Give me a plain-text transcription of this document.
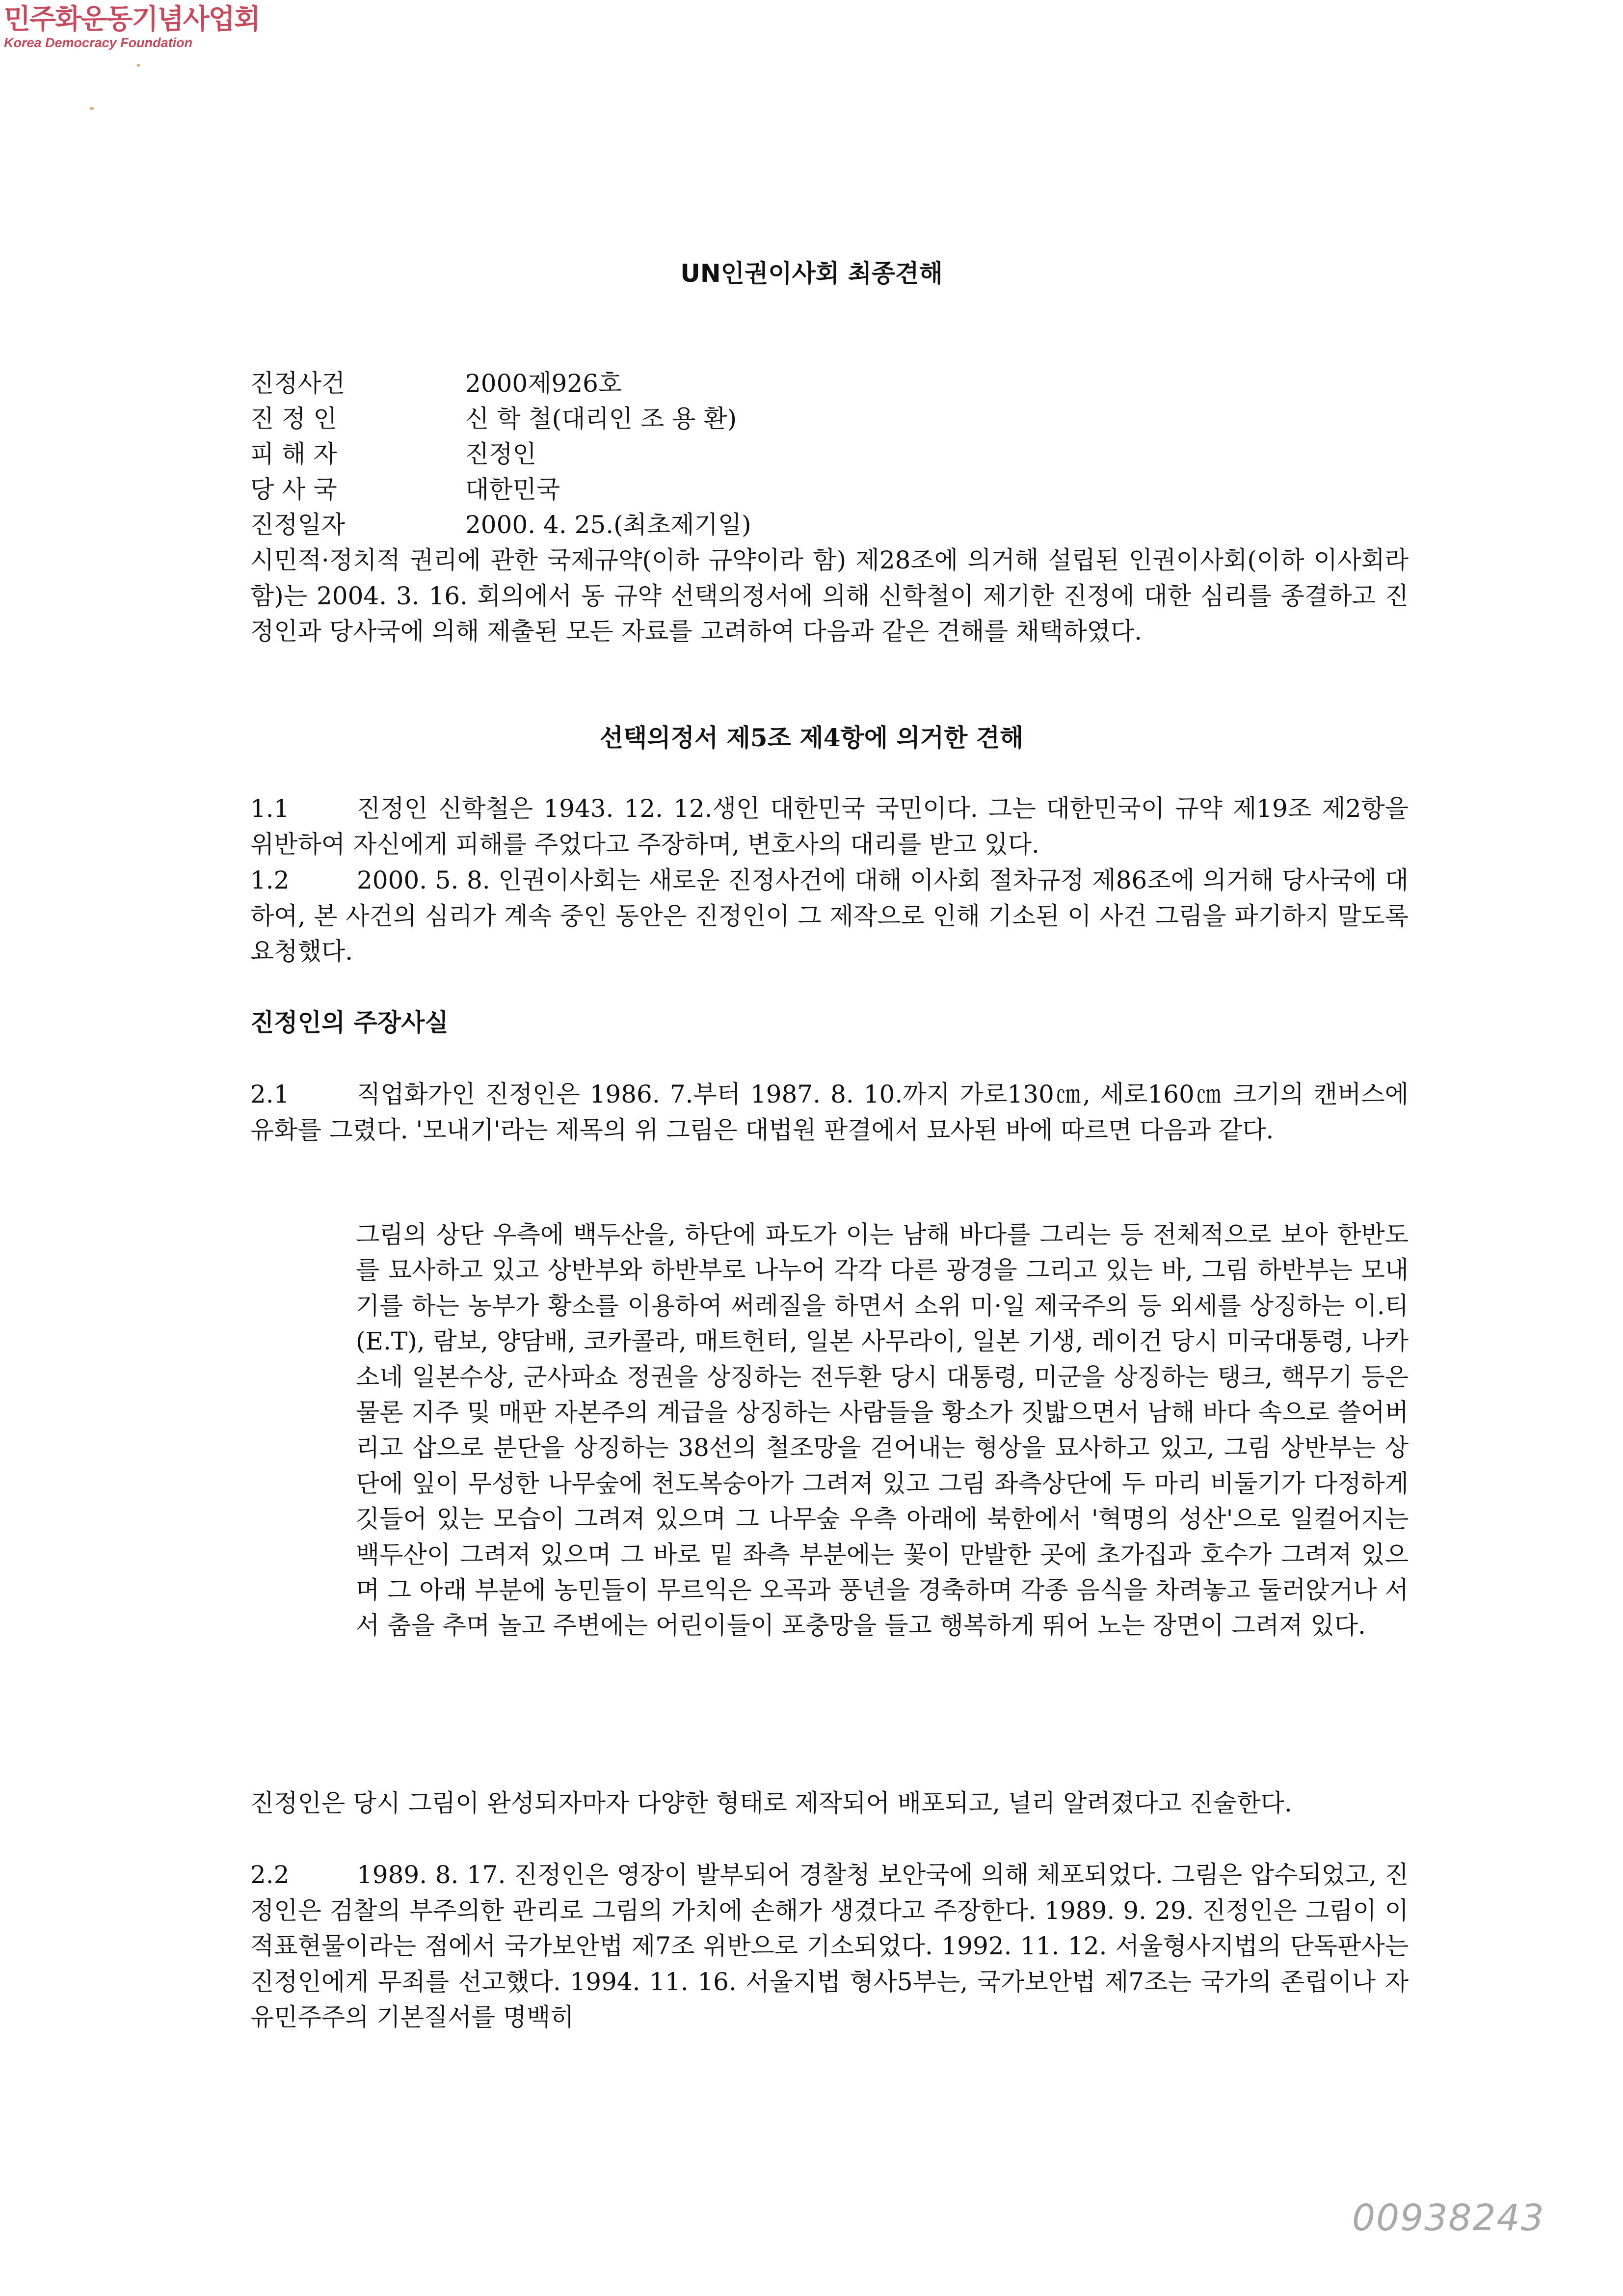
민주화운동기념사업회
Korea Democracy Foundation
UN인권이사회 최종견해
진정사건	2000제926호
진 정 인	신 학 철(대리인 조 용 환)
피 해 자	진정인
당 사 국	대한민국
진정일자	2000. 4. 25.(최초제기일)
시민적·정치적 권리에 관한 국제규약(이하 규약이라 함) 제28조에 의거해 설립된 인권이사회(이하 이사회라 함)는 2004. 3. 16. 회의에서 동 규약 선택의정서에 의해 신학철이 제기한 진정에 대한 심리를 종결하고 진정인과 당사국에 의해 제출된 모든 자료를 고려하여 다음과 같은 견해를 채택하였다.
선택의정서 제5조 제4항에 의거한 견해
1.1	진정인 신학철은 1943. 12. 12.생인 대한민국 국민이다. 그는 대한민국이 규약 제19조 제2항을 위반하여 자신에게 피해를 주었다고 주장하며, 변호사의 대리를 받고 있다.
1.2	2000. 5. 8. 인권이사회는 새로운 진정사건에 대해 이사회 절차규정 제86조에 의거해 당사국에 대하여, 본 사건의 심리가 계속 중인 동안은 진정인이 그 제작으로 인해 기소된 이 사건 그림을 파기하지 말도록 요청했다.
진정인의 주장사실
2.1	직업화가인 진정인은 1986. 7.부터 1987. 8. 10.까지 가로130㎝, 세로160㎝ 크기의 캔버스에 유화를 그렸다. '모내기'라는 제목의 위 그림은 대법원 판결에서 묘사된 바에 따르면 다음과 같다.
그림의 상단 우측에 백두산을, 하단에 파도가 이는 남해 바다를 그리는 등 전체적으로 보아 한반도를 묘사하고 있고 상반부와 하반부로 나누어 각각 다른 광경을 그리고 있는 바, 그림 하반부는 모내기를 하는 농부가 황소를 이용하여 써레질을 하면서 소위 미·일 제국주의 등 외세를 상징하는 이.티(E.T), 람보, 양담배, 코카콜라, 매트헌터, 일본 사무라이, 일본 기생, 레이건 당시 미국대통령, 나카소네 일본수상, 군사파쇼 정권을 상징하는 전두환 당시 대통령, 미군을 상징하는 탱크, 핵무기 등은 물론 지주 및 매판 자본주의 계급을 상징하는 사람들을 황소가 짓밟으면서 남해 바다 속으로 쓸어버리고 삽으로 분단을 상징하는 38선의 철조망을 걷어내는 형상을 묘사하고 있고, 그림 상반부는 상단에 잎이 무성한 나무숲에 천도복숭아가 그려져 있고 그림 좌측상단에 두 마리 비둘기가 다정하게 깃들어 있는 모습이 그려져 있으며 그 나무숲 우측 아래에 북한에서 '혁명의 성산'으로 일컬어지는 백두산이 그려져 있으며 그 바로 밑 좌측 부분에는 꽃이 만발한 곳에 초가집과 호수가 그려져 있으며 그 아래 부분에 농민들이 무르익은 오곡과 풍년을 경축하며 각종 음식을 차려놓고 둘러앉거나 서서 춤을 추며 놀고 주변에는 어린이들이 포충망을 들고 행복하게 뛰어 노는 장면이 그려져 있다.
진정인은 당시 그림이 완성되자마자 다양한 형태로 제작되어 배포되고, 널리 알려졌다고 진술한다.
2.2	1989. 8. 17. 진정인은 영장이 발부되어 경찰청 보안국에 의해 체포되었다. 그림은 압수되었고, 진정인은 검찰의 부주의한 관리로 그림의 가치에 손해가 생겼다고 주장한다. 1989. 9. 29. 진정인은 그림이 이적표현물이라는 점에서 국가보안법 제7조 위반으로 기소되었다. 1992. 11. 12. 서울형사지법의 단독판사는 진정인에게 무죄를 선고했다. 1994. 11. 16. 서울지법 형사5부는, 국가보안법 제7조는 국가의 존립이나 자유민주주의 기본질서를 명백히
00938243
